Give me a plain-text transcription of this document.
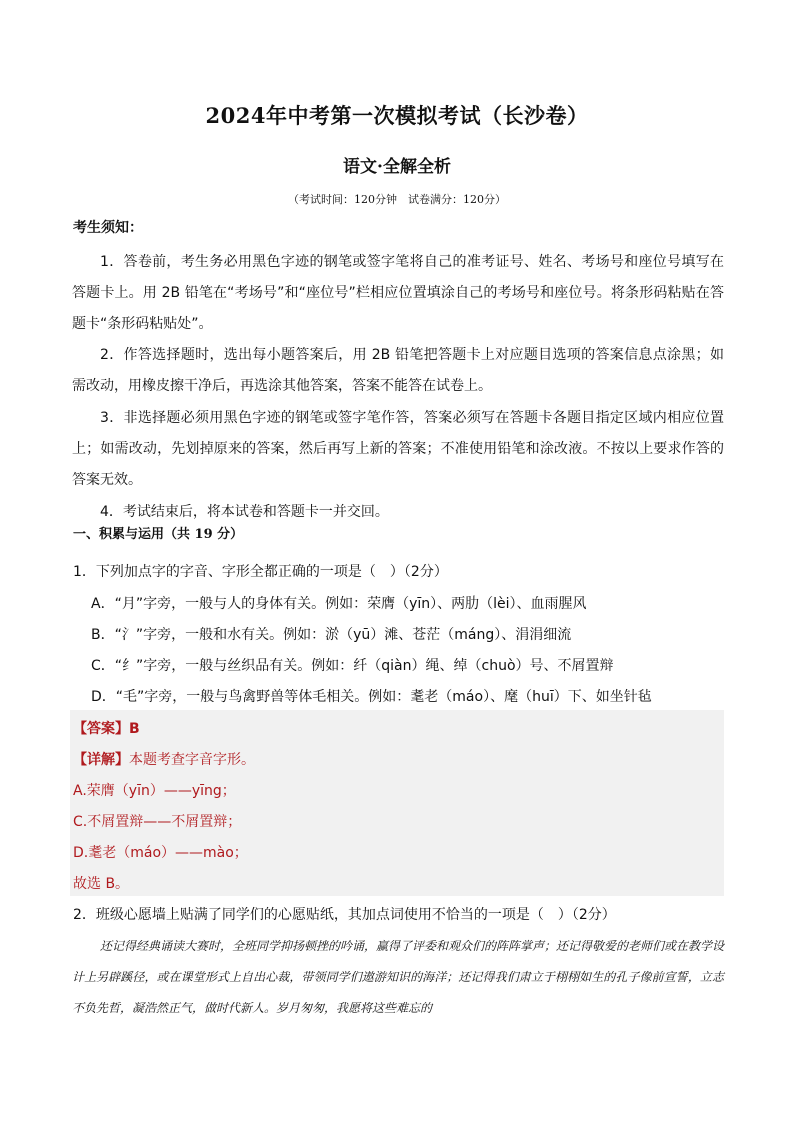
2024年中考第一次模拟考试（长沙卷）
语文·全解全析
（考试时间：120分钟　试卷满分：120分）
考生须知：
1．答卷前，考生务必用黑色字迹的钢笔或签字笔将自己的准考证号、姓名、考场号和座位号填写在答题卡上。用 2B 铅笔在“考场号”和“座位号”栏相应位置填涂自己的考场号和座位号。将条形码粘贴在答题卡“条形码粘贴处”。
2．作答选择题时，选出每小题答案后，用 2B 铅笔把答题卡上对应题目选项的答案信息点涂黑；如需改动，用橡皮擦干净后，再选涂其他答案，答案不能答在试卷上。
3．非选择题必须用黑色字迹的钢笔或签字笔作答，答案必须写在答题卡各题目指定区域内相应位置上；如需改动，先划掉原来的答案，然后再写上新的答案；不准使用铅笔和涂改液。不按以上要求作答的答案无效。
4．考试结束后，将本试卷和答题卡一并交回。
一、积累与运用（共 19 分）
1．下列加点字的字音、字形全都正确的一项是（　）（2分）
A．“月”字旁，一般与人的身体有关。例如：荣膺（yīn）、两肋（lèi）、血雨腥风
B．“氵”字旁，一般和水有关。例如：淤（yū）滩、苍茫（máng）、涓涓细流
C．“纟”字旁，一般与丝织品有关。例如：纤（qiàn）绳、绰（chuò）号、不屑置辩
D．“毛”字旁，一般与鸟禽野兽等体毛相关。例如：耄老（máo）、麾（huī）下、如坐针毡
【答案】B
【详解】本题考查字音字形。
A.荣膺（yīn）——yīng；
C.不屑置辩——不屑置辩；
D.耄老（máo）——mào；
故选 B。
2．班级心愿墙上贴满了同学们的心愿贴纸，其加点词使用不恰当的一项是（　）（2分）
还记得经典诵读大赛时，全班同学抑扬顿挫的吟诵，赢得了评委和观众们的阵阵掌声；还记得敬爱的老师们或在教学设计上另辟蹊径，或在课堂形式上自出心裁，带领同学们遨游知识的海洋；还记得我们肃立于栩栩如生的孔子像前宣誓，立志不负先哲，凝浩然正气，做时代新人。岁月匆匆，我愿将这些难忘的
